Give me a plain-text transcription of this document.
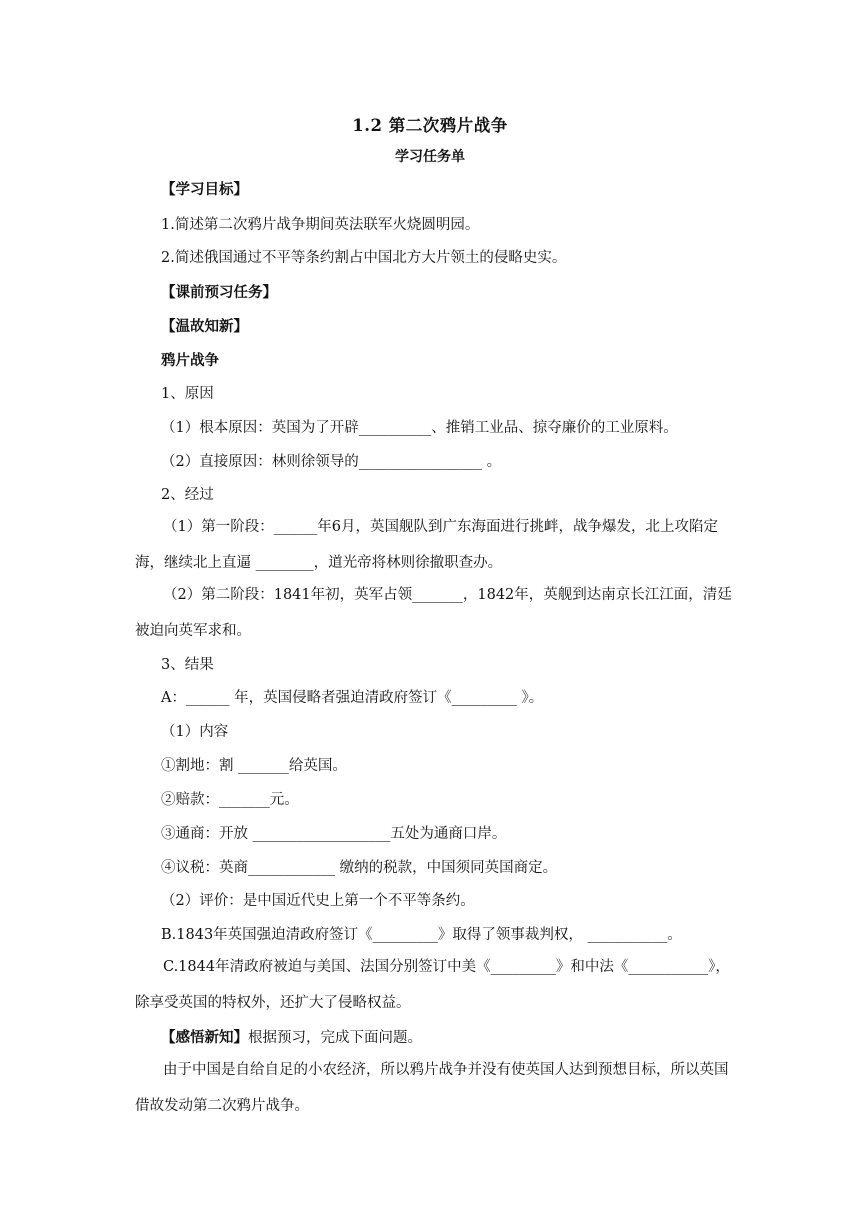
1.2 第二次鸦片战争
学习任务单
【学习目标】
1.简述第二次鸦片战争期间英法联军火烧圆明园。
2.简述俄国通过不平等条约割占中国北方大片领土的侵略史实。
【课前预习任务】
【温故知新】
鸦片战争
1、原因
（1）根本原因：英国为了开辟__________、推销工业品、掠夺廉价的工业原料。
（2）直接原因：林则徐领导的_________________ 。
2、经过
（1）第一阶段：______年6月，英国舰队到广东海面进行挑衅，战争爆发，北上攻陷定海，继续北上直逼 ________，道光帝将林则徐撤职查办。
（2）第二阶段：1841年初，英军占领_______，1842年，英舰到达南京长江江面，清廷被迫向英军求和。
3、结果
A：______ 年，英国侵略者强迫清政府签订《_________ 》。
（1）内容
①割地：割 _______给英国。
②赔款：_______元。
③通商：开放 ___________________五处为通商口岸。
④议税：英商____________ 缴纳的税款，中国须同英国商定。
（2）评价：是中国近代史上第一个不平等条约。
B.1843年英国强迫清政府签订《_________》取得了领事裁判权， ___________。
C.1844年清政府被迫与美国、法国分别签订中美《_________》和中法《___________》，除享受英国的特权外，还扩大了侵略权益。
【感悟新知】根据预习，完成下面问题。
由于中国是自给自足的小农经济，所以鸦片战争并没有使英国人达到预想目标，所以英国借故发动第二次鸦片战争。
